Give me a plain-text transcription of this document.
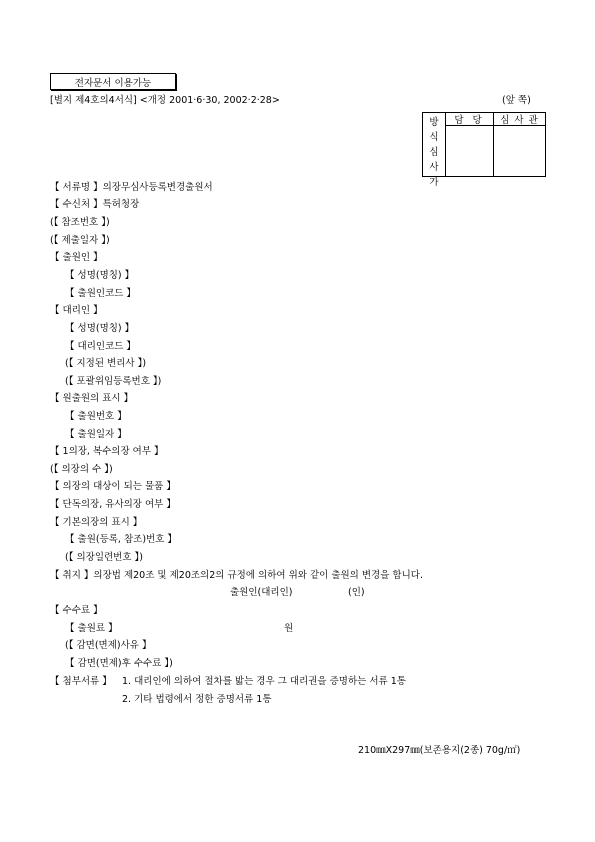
전자문서 이용가능
[별지 제4호의4서식] <개정 2001·6·30, 2002·2·28>	(앞 쪽)
방
식
심
사
가
담 당	심 사 관
【 서류명 】의장무심사등록변경출원서
【 수신처 】특허청장
(【 참조번호 】)
(【 제출일자 】)
【 출원인 】
【 성명(명칭) 】
【 출원인코드 】
【 대리인 】
【 성명(명칭) 】
【 대리인코드 】
(【 지정된 변리사 】)
(【 포괄위임등록번호 】)
【 원출원의 표시 】
【 출원번호 】
【 출원일자 】
【 1의장, 복수의장 여부 】
(【 의장의 수 】)
【 의장의 대상이 되는 물품 】
【 단독의장, 유사의장 여부 】
【 기본의장의 표시 】
【 출원(등록, 참조)번호 】
(【 의장일련번호 】)
【 취지 】의장법 제20조 및 제20조의2의 규정에 의하여 위와 같이 출원의 변경을 합니다.
출원인(대리인)	(인)
【 수수료 】
【 출원료 】	원
(【 감면(면제)사유 】
【 감면(면제)후 수수료 】)
【 첨부서류 】 1. 대리인에 의하여 절차를 밟는 경우 그 대리권을 증명하는 서류 1통
2. 기타 법령에서 정한 증명서류 1통
210㎜X297㎜(보존용지(2종) 70g/㎡)
